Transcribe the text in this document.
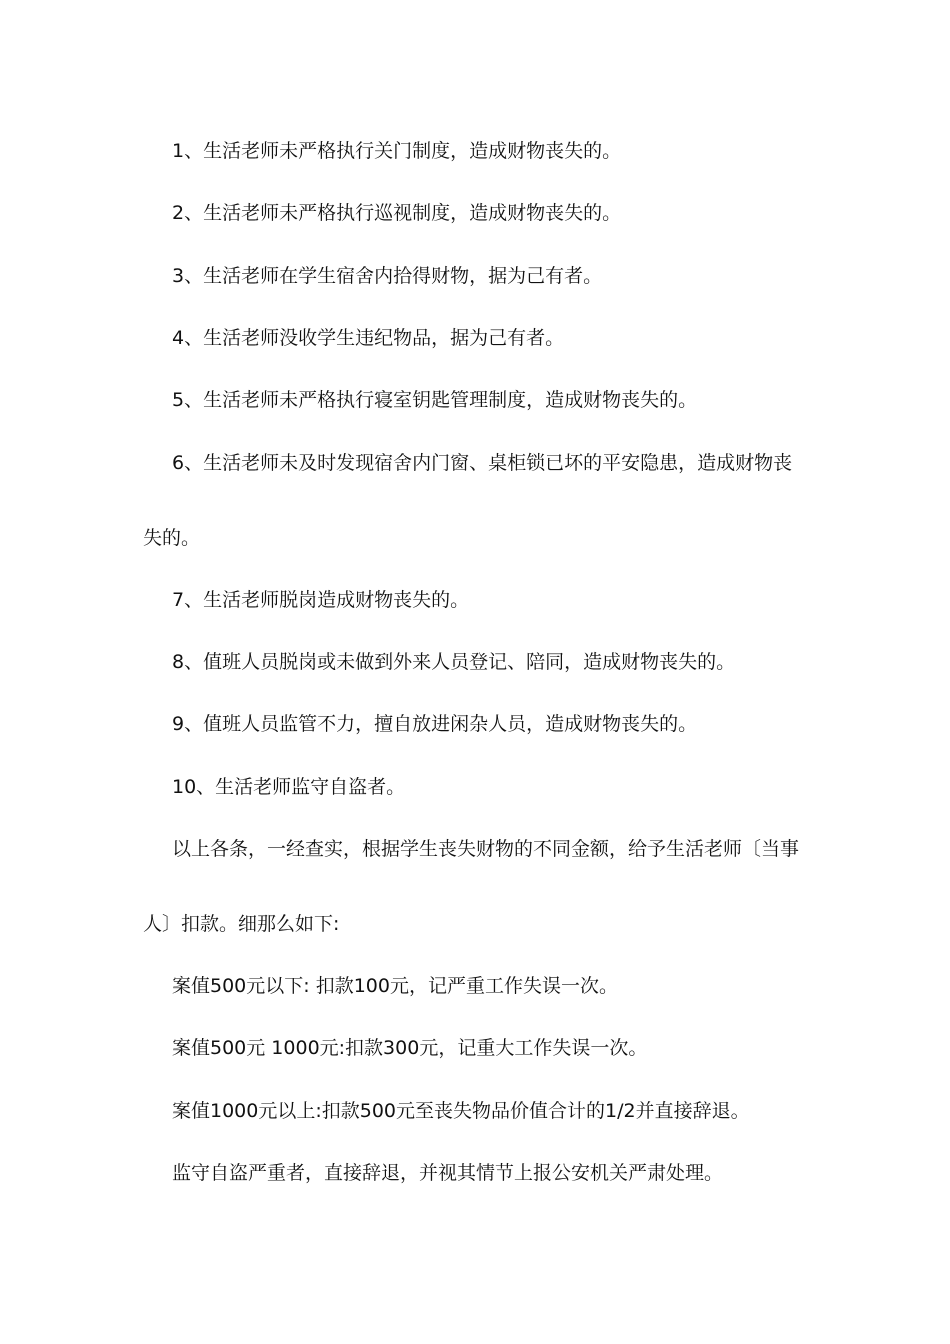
1、生活老师未严格执行关门制度，造成财物丧失的。
2、生活老师未严格执行巡视制度，造成财物丧失的。
3、生活老师在学生宿舍内拾得财物，据为己有者。
4、生活老师没收学生违纪物品，据为己有者。
5、生活老师未严格执行寝室钥匙管理制度，造成财物丧失的。
6、生活老师未及时发现宿舍内门窗、桌柜锁已坏的平安隐患，造成财物丧
失的。
7、生活老师脱岗造成财物丧失的。
8、值班人员脱岗或未做到外来人员登记、陪同，造成财物丧失的。
9、值班人员监管不力，擅自放进闲杂人员，造成财物丧失的。
10、生活老师监守自盗者。
以上各条，一经查实，根据学生丧失财物的不同金额，给予生活老师〔当事
人〕扣款。细那么如下:
案值500元以下: 扣款100元，记严重工作失误一次。
案值500元 1000元:扣款300元，记重大工作失误一次。
案值1000元以上:扣款500元至丧失物品价值合计的1/2并直接辞退。
监守自盗严重者，直接辞退，并视其情节上报公安机关严肃处理。
